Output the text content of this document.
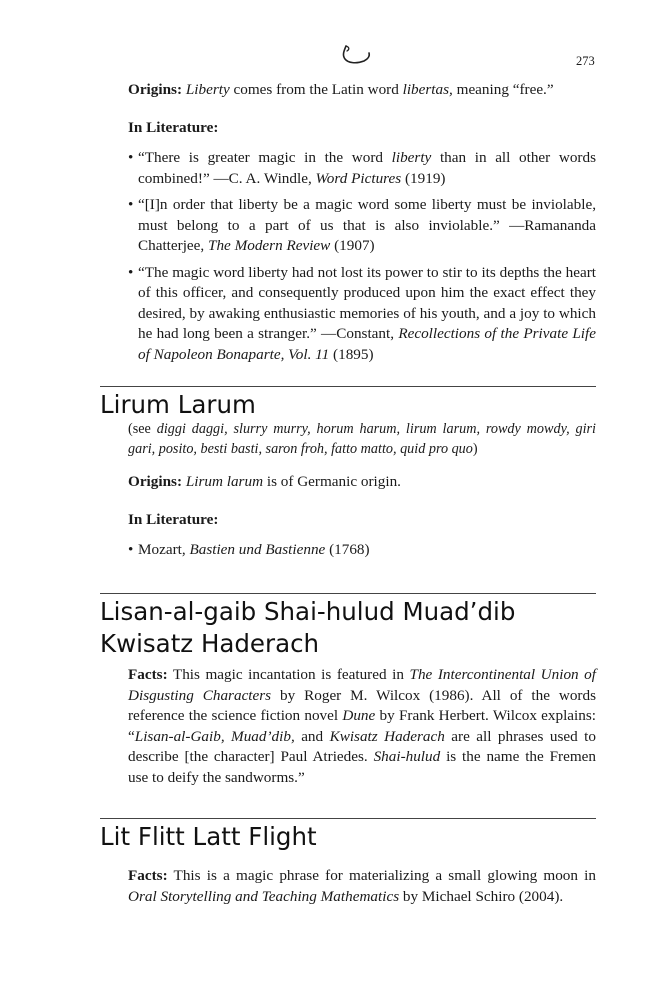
273
Origins: Liberty comes from the Latin word libertas, meaning “free.”
In Literature:
• “There is greater magic in the word liberty than in all other words combined!” —C. A. Windle, Word Pictures (1919)
• “[I]n order that liberty be a magic word some liberty must be inviolable, must belong to a part of us that is also inviolable.” —Ramananda Chatterjee, The Modern Review (1907)
• “The magic word liberty had not lost its power to stir to its depths the heart of this officer, and consequently produced upon him the exact effect they desired, by awaking enthusiastic memories of his youth, and a joy to which he had long been a stranger.” —Constant, Recollections of the Private Life of Napoleon Bonaparte, Vol. 11 (1895)
Lirum Larum
(see diggi daggi, slurry murry, horum harum, lirum larum, rowdy mowdy, giri gari, posito, besti basti, saron froh, fatto matto, quid pro quo)
Origins: Lirum larum is of Germanic origin.
In Literature:
• Mozart, Bastien und Bastienne (1768)
Lisan-al-gaib Shai-hulud Muad’dib
Kwisatz Haderach
Facts: This magic incantation is featured in The Intercontinental Union of Disgusting Characters by Roger M. Wilcox (1986). All of the words reference the science fiction novel Dune by Frank Herbert. Wilcox explains: “Lisan-al-Gaib, Muad’dib, and Kwisatz Haderach are all phrases used to describe [the character] Paul Atriedes. Shai-hulud is the name the Fremen use to deify the sandworms.”
Lit Flitt Latt Flight
Facts: This is a magic phrase for materializing a small glowing moon in Oral Storytelling and Teaching Mathematics by Michael Schiro (2004).
